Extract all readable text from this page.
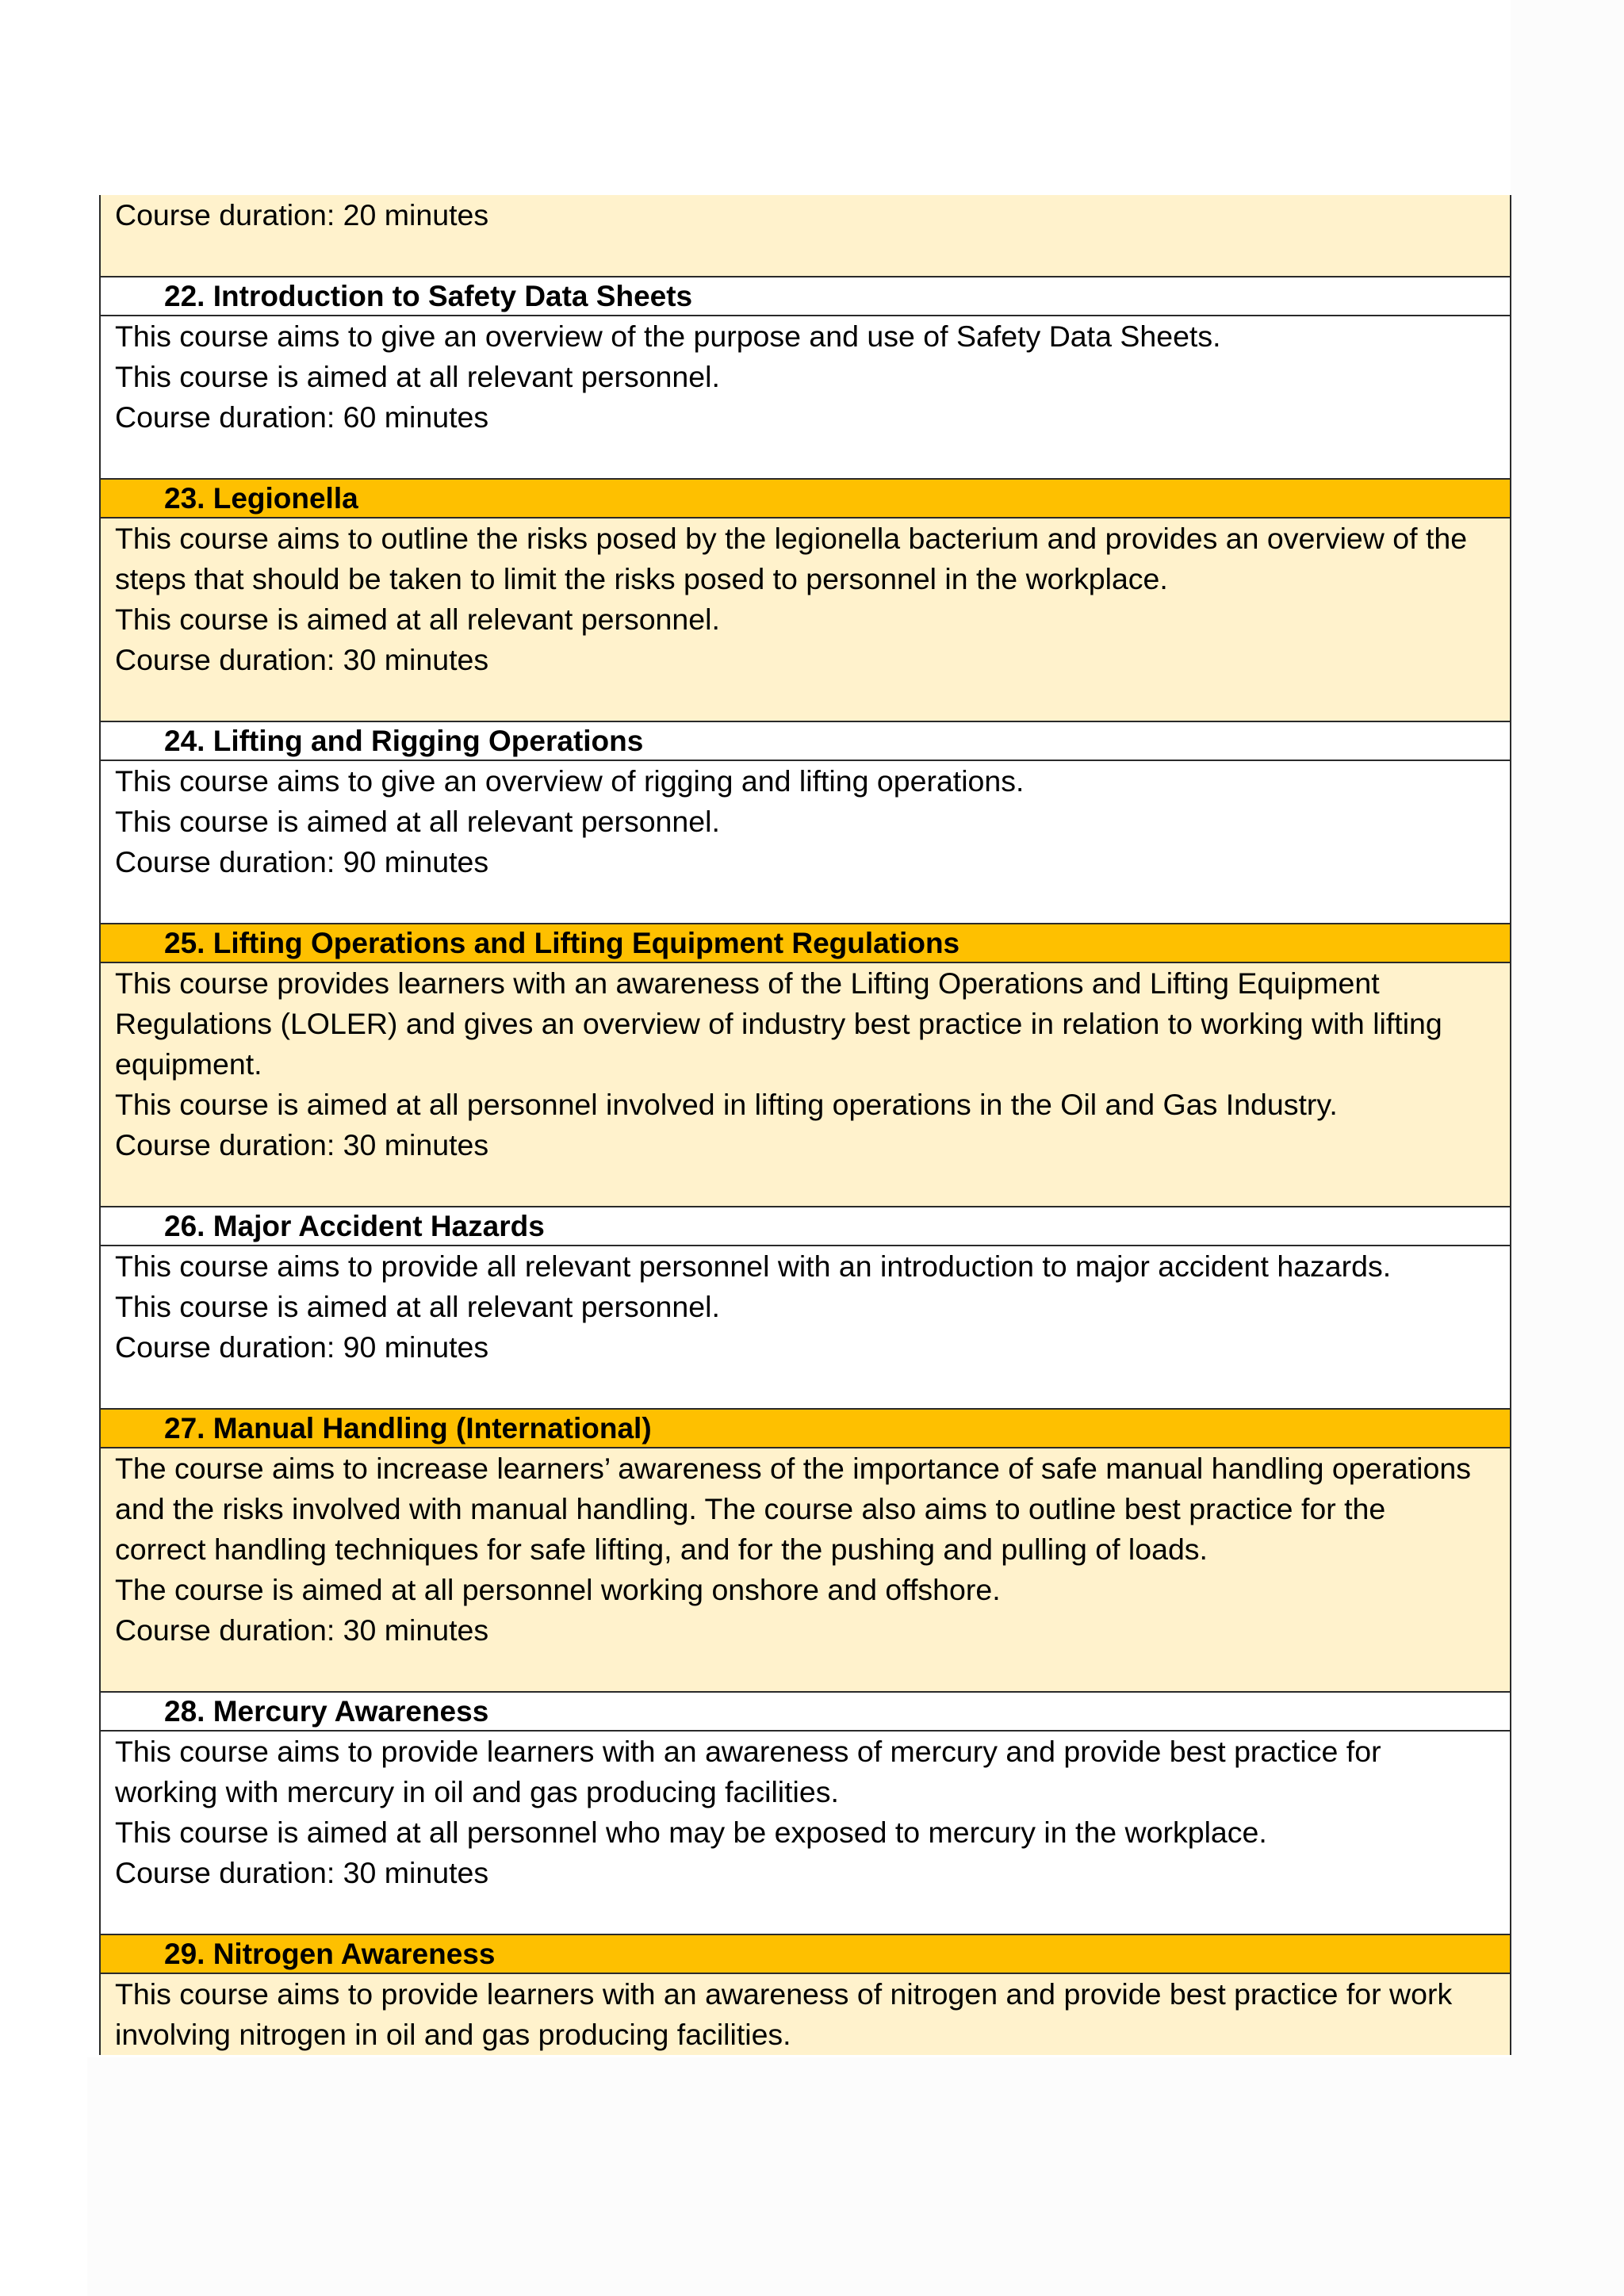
Course duration: 20 minutes
22. Introduction to Safety Data Sheets
This course aims to give an overview of the purpose and use of Safety Data Sheets.
This course is aimed at all relevant personnel.
Course duration: 60 minutes
23. Legionella
This course aims to outline the risks posed by the legionella bacterium and provides an overview of the
steps that should be taken to limit the risks posed to personnel in the workplace.
This course is aimed at all relevant personnel.
Course duration: 30 minutes
24. Lifting and Rigging Operations
This course aims to give an overview of rigging and lifting operations.
This course is aimed at all relevant personnel.
Course duration: 90 minutes
25. Lifting Operations and Lifting Equipment Regulations
This course provides learners with an awareness of the Lifting Operations and Lifting Equipment
Regulations (LOLER) and gives an overview of industry best practice in relation to working with lifting
equipment.
This course is aimed at all personnel involved in lifting operations in the Oil and Gas Industry.
Course duration: 30 minutes
26. Major Accident Hazards
This course aims to provide all relevant personnel with an introduction to major accident hazards.
This course is aimed at all relevant personnel.
Course duration: 90 minutes
27. Manual Handling (International)
The course aims to increase learners’ awareness of the importance of safe manual handling operations
and the risks involved with manual handling. The course also aims to outline best practice for the
correct handling techniques for safe lifting, and for the pushing and pulling of loads.
The course is aimed at all personnel working onshore and offshore.
Course duration: 30 minutes
28. Mercury Awareness
This course aims to provide learners with an awareness of mercury and provide best practice for
working with mercury in oil and gas producing facilities.
This course is aimed at all personnel who may be exposed to mercury in the workplace.
Course duration: 30 minutes
29. Nitrogen Awareness
This course aims to provide learners with an awareness of nitrogen and provide best practice for work
involving nitrogen in oil and gas producing facilities.
